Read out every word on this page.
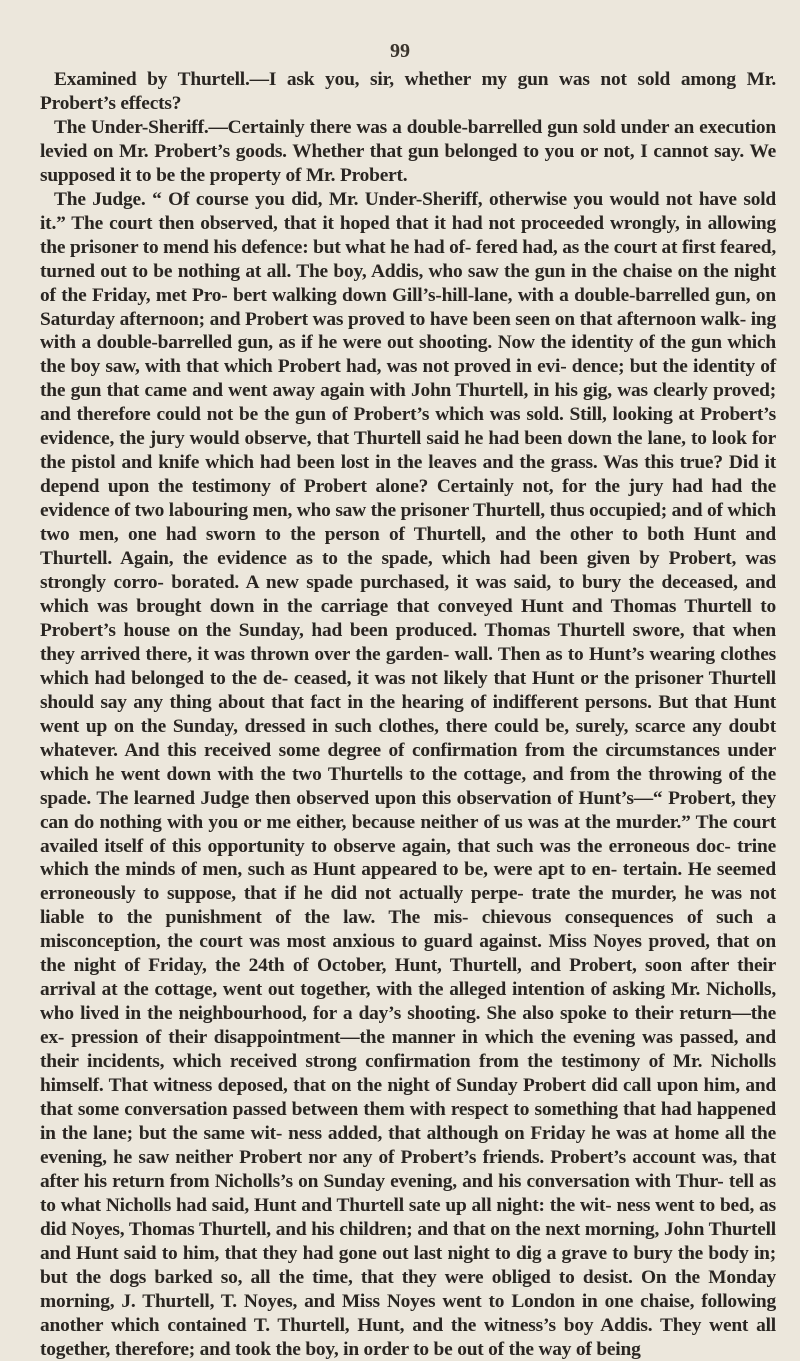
99

Examined by Thurtell.—I ask you, sir, whether my gun was not sold among Mr. Probert’s effects?

The Under-Sheriff.—Certainly there was a double-barrelled gun sold under an execution levied on Mr. Probert’s goods. Whether that gun belonged to you or not, I cannot say. We supposed it to be the property of Mr. Probert.

The Judge. “ Of course you did, Mr. Under-Sheriff, otherwise you would not have sold it.” The court then observed, that it hoped that it had not proceeded wrongly, in allowing the prisoner to mend his defence: but what he had of- fered had, as the court at first feared, turned out to be nothing at all. The boy, Addis, who saw the gun in the chaise on the night of the Friday, met Pro- bert walking down Gill’s-hill-lane, with a double-barrelled gun, on Saturday afternoon; and Probert was proved to have been seen on that afternoon walk- ing with a double-barrelled gun, as if he were out shooting. Now the identity of the gun which the boy saw, with that which Probert had, was not proved in evi- dence; but the identity of the gun that came and went away again with John Thurtell, in his gig, was clearly proved; and therefore could not be the gun of Probert’s which was sold. Still, looking at Probert’s evidence, the jury would observe, that Thurtell said he had been down the lane, to look for the pistol and knife which had been lost in the leaves and the grass. Was this true? Did it depend upon the testimony of Probert alone? Certainly not, for the jury had had the evidence of two labouring men, who saw the prisoner Thurtell, thus occupied; and of which two men, one had sworn to the person of Thurtell, and the other to both Hunt and Thurtell. Again, the evidence as to the spade, which had been given by Probert, was strongly corro- borated. A new spade purchased, it was said, to bury the deceased, and which was brought down in the carriage that conveyed Hunt and Thomas Thurtell to Probert’s house on the Sunday, had been produced. Thomas Thurtell swore, that when they arrived there, it was thrown over the garden- wall. Then as to Hunt’s wearing clothes which had belonged to the de- ceased, it was not likely that Hunt or the prisoner Thurtell should say any thing about that fact in the hearing of indifferent persons. But that Hunt went up on the Sunday, dressed in such clothes, there could be, surely, scarce any doubt whatever. And this received some degree of confirmation from the circumstances under which he went down with the two Thurtells to the cottage, and from the throwing of the spade. The learned Judge then observed upon this observation of Hunt’s—“ Probert, they can do nothing with you or me either, because neither of us was at the murder.” The court availed itself of this opportunity to observe again, that such was the erroneous doc- trine which the minds of men, such as Hunt appeared to be, were apt to en- tertain. He seemed erroneously to suppose, that if he did not actually perpe- trate the murder, he was not liable to the punishment of the law. The mis- chievous consequences of such a misconception, the court was most anxious to guard against. Miss Noyes proved, that on the night of Friday, the 24th of October, Hunt, Thurtell, and Probert, soon after their arrival at the cottage, went out together, with the alleged intention of asking Mr. Nicholls, who lived in the neighbourhood, for a day’s shooting. She also spoke to their return—the ex- pression of their disappointment—the manner in which the evening was passed, and their incidents, which received strong confirmation from the testimony of Mr. Nicholls himself. That witness deposed, that on the night of Sunday Probert did call upon him, and that some conversation passed between them with respect to something that had happened in the lane; but the same wit- ness added, that although on Friday he was at home all the evening, he saw neither Probert nor any of Probert’s friends. Probert’s account was, that after his return from Nicholls’s on Sunday evening, and his conversation with Thur- tell as to what Nicholls had said, Hunt and Thurtell sate up all night: the wit- ness went to bed, as did Noyes, Thomas Thurtell, and his children; and that on the next morning, John Thurtell and Hunt said to him, that they had gone out last night to dig a grave to bury the body in; but the dogs barked so, all the time, that they were obliged to desist. On the Monday morning, J. Thurtell, T. Noyes, and Miss Noyes went to London in one chaise, following another which contained T. Thurtell, Hunt, and the witness’s boy Addis. They went all together, therefore; and took the boy, in order to be out of the way of being
